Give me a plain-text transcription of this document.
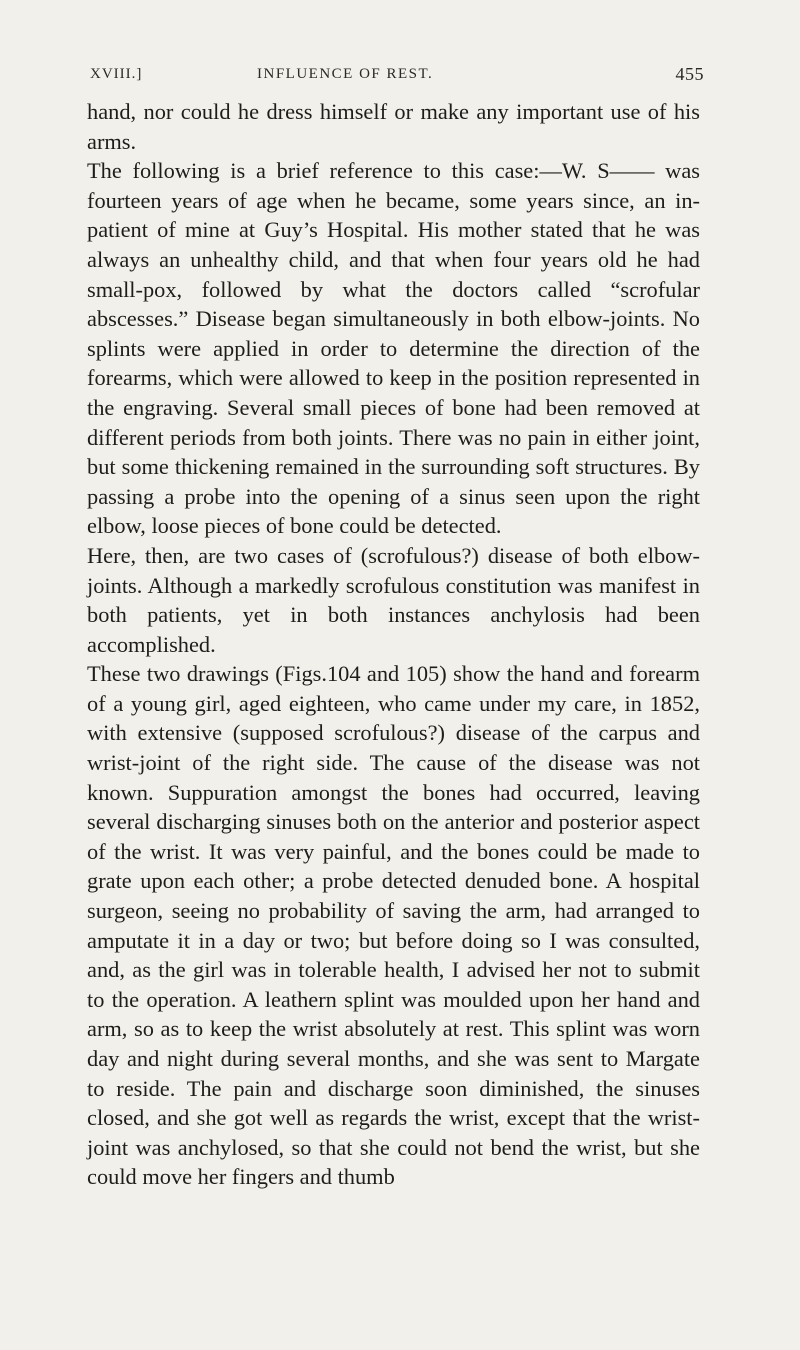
XVIII.]	INFLUENCE OF REST.	455

hand, nor could he dress himself or make any important use of his arms.

The following is a brief reference to this case:—W. S—— was fourteen years of age when he became, some years since, an in-patient of mine at Guy’s Hospital. His mother stated that he was always an unhealthy child, and that when four years old he had small-pox, followed by what the doctors called “scrofular abscesses.” Disease began simultaneously in both elbow-joints. No splints were applied in order to determine the direction of the forearms, which were allowed to keep in the position represented in the engraving. Several small pieces of bone had been removed at different periods from both joints. There was no pain in either joint, but some thickening remained in the surrounding soft structures. By passing a probe into the opening of a sinus seen upon the right elbow, loose pieces of bone could be detected.

Here, then, are two cases of (scrofulous?) disease of both elbow-joints. Although a markedly scrofulous constitution was manifest in both patients, yet in both instances anchylosis had been accomplished.

These two drawings (Figs.104 and 105) show the hand and forearm of a young girl, aged eighteen, who came under my care, in 1852, with extensive (supposed scrofulous?) disease of the carpus and wrist-joint of the right side. The cause of the disease was not known. Suppuration amongst the bones had occurred, leaving several discharging sinuses both on the anterior and posterior aspect of the wrist. It was very painful, and the bones could be made to grate upon each other; a probe detected denuded bone. A hospital surgeon, seeing no probability of saving the arm, had arranged to amputate it in a day or two; but before doing so I was consulted, and, as the girl was in tolerable health, I advised her not to submit to the operation. A leathern splint was moulded upon her hand and arm, so as to keep the wrist absolutely at rest. This splint was worn day and night during several months, and she was sent to Margate to reside. The pain and discharge soon diminished, the sinuses closed, and she got well as regards the wrist, except that the wrist-joint was anchylosed, so that she could not bend the wrist, but she could move her fingers and thumb
